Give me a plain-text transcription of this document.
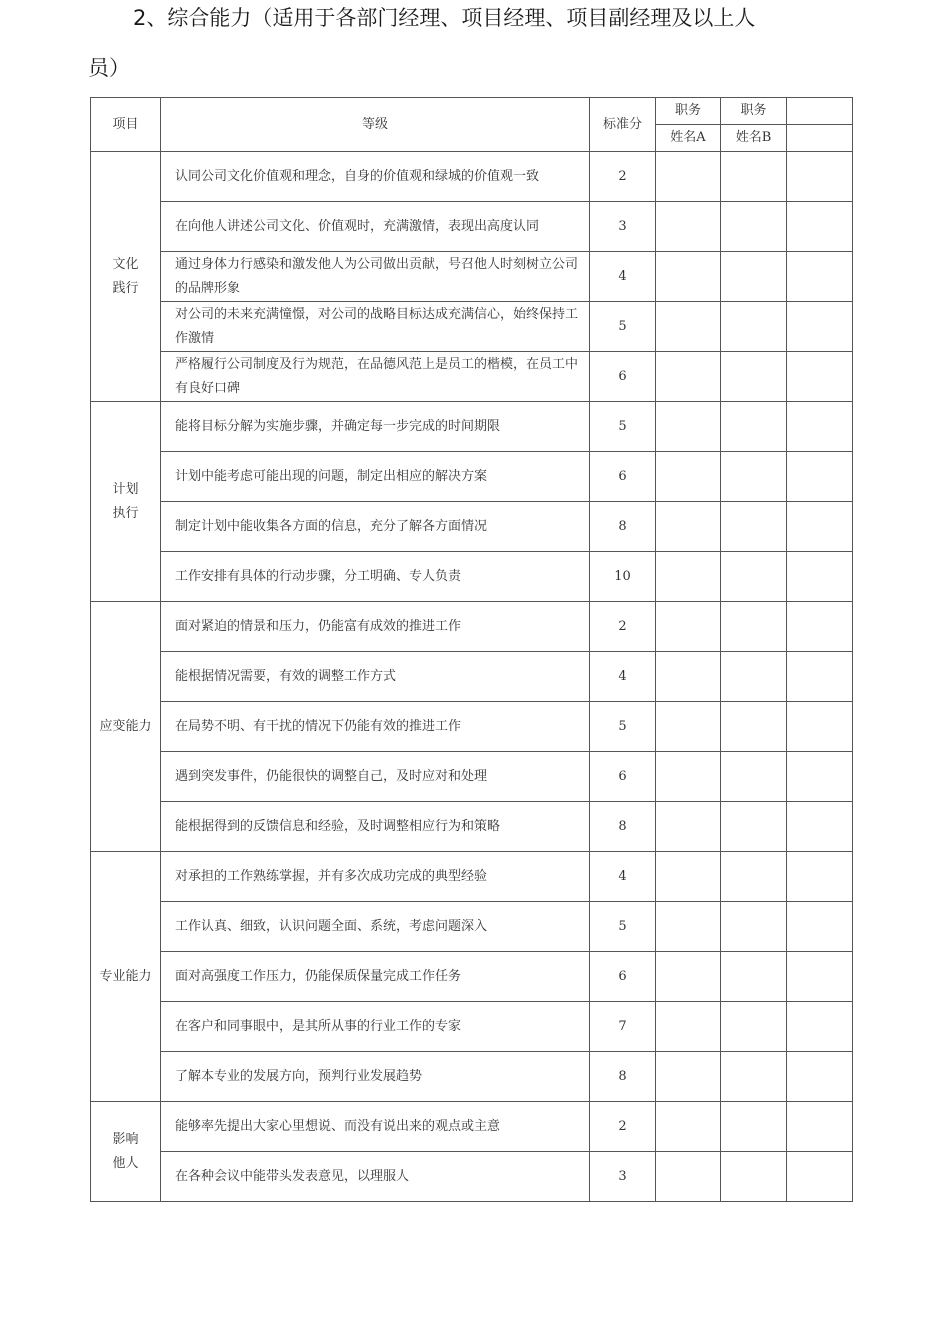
2、综合能力（适用于各部门经理、项目经理、项目副经理及以上人
员）
项目	等级	标准分	职务	职务	
			姓名A	姓名B	

文化
践行	认同公司文化价值观和理念，自身的价值观和绿城的价值观一致	2			
	在向他人讲述公司文化、价值观时，充满激情，表现出高度认同	3			
	通过身体力行感染和激发他人为公司做出贡献，号召他人时刻树立公司的品牌形象	4			
	对公司的未来充满憧憬，对公司的战略目标达成充满信心，始终保持工作激情	5			
	严格履行公司制度及行为规范，在品德风范上是员工的楷模，在员工中有良好口碑	6			

计划
执行	能将目标分解为实施步骤，并确定每一步完成的时间期限	5			
	计划中能考虑可能出现的问题，制定出相应的解决方案	6			
	制定计划中能收集各方面的信息，充分了解各方面情况	8			
	工作安排有具体的行动步骤，分工明确、专人负责	10			

应变能力	面对紧迫的情景和压力，仍能富有成效的推进工作	2			
	能根据情况需要，有效的调整工作方式	4			
	在局势不明、有干扰的情况下仍能有效的推进工作	5			
	遇到突发事件，仍能很快的调整自己，及时应对和处理	6			
	能根据得到的反馈信息和经验，及时调整相应行为和策略	8			

专业能力	对承担的工作熟练掌握，并有多次成功完成的典型经验	4			
	工作认真、细致，认识问题全面、系统，考虑问题深入	5			
	面对高强度工作压力，仍能保质保量完成工作任务	6			
	在客户和同事眼中，是其所从事的行业工作的专家	7			
	了解本专业的发展方向，预判行业发展趋势	8			

影响
他人	能够率先提出大家心里想说、而没有说出来的观点或主意	2			
	在各种会议中能带头发表意见，以理服人	3			
